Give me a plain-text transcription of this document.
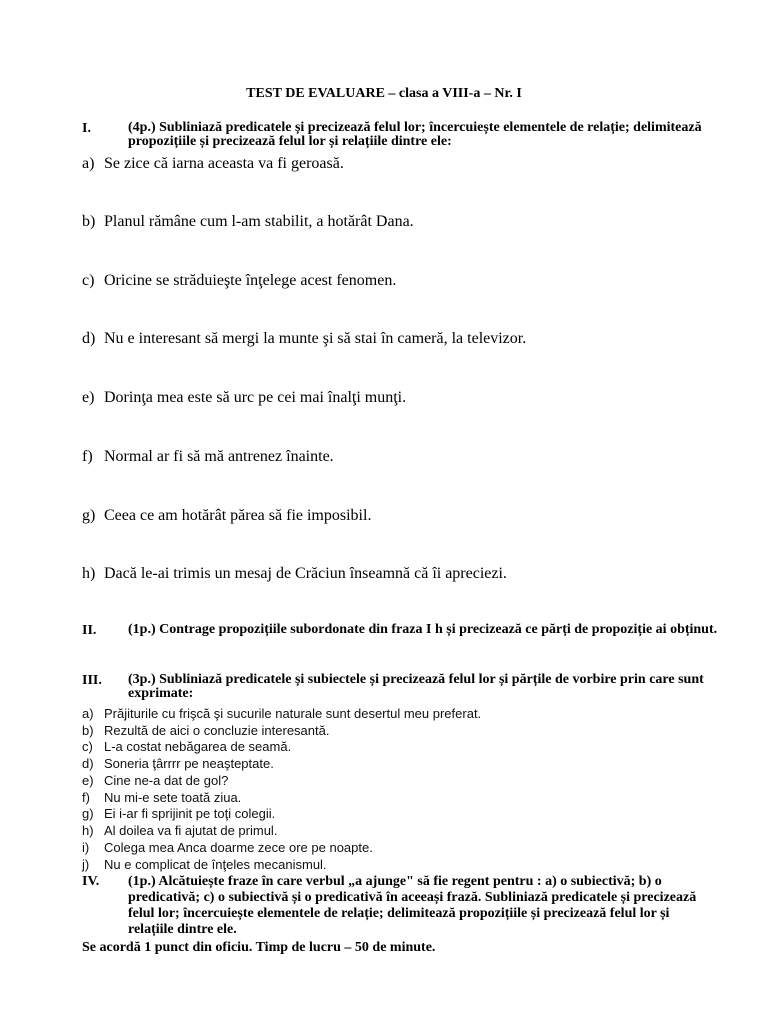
TEST DE EVALUARE – clasa a VIII-a – Nr. I
I.	(4p.) Subliniază predicatele și precizează felul lor; încercuiește elementele de relație; delimitează propozițiile și precizează felul lor și relațiile dintre ele:
a) Se zice că iarna aceasta va fi geroasă.
b) Planul rămâne cum l-am stabilit, a hotărât Dana.
c) Oricine se străduieşte înţelege acest fenomen.
d) Nu e interesant să mergi la munte şi să stai în cameră, la televizor.
e) Dorinţa mea este să urc pe cei mai înalţi munţi.
f) Normal ar fi să mă antrenez înainte.
g) Ceea ce am hotărât părea să fie imposibil.
h) Dacă le-ai trimis un mesaj de Crăciun înseamnă că îi apreciezi.
II. (1p.) Contrage propozițiile subordonate din fraza I h și precizează ce părți de propoziție ai obținut.
III. (3p.) Subliniază predicatele și subiectele și precizează felul lor și părțile de vorbire prin care sunt exprimate:
a) Prăjiturile cu frişcă şi sucurile naturale sunt desertul meu preferat.
b) Rezultă de aici o concluzie interesantă.
c) L-a costat nebăgarea de seamă.
d) Soneria ţârrrr pe neaşteptate.
e) Cine ne-a dat de gol?
f) Nu mi-e sete toată ziua.
g) Ei i-ar fi sprijinit pe toţi colegii.
h) Al doilea va fi ajutat de primul.
i) Colega mea Anca doarme zece ore pe noapte.
j) Nu e complicat de înţeles mecanismul.
IV. (1p.) Alcătuiește fraze în care verbul „a ajunge" să fie regent pentru : a) o subiectivă; b) o predicativă; c) o subiectivă și o predicativă în aceeași frază. Subliniază predicatele și precizează felul lor; încercuiește elementele de relație; delimitează propozițiile și precizează felul lor și relațiile dintre ele.
Se acordă 1 punct din oficiu. Timp de lucru – 50 de minute.
